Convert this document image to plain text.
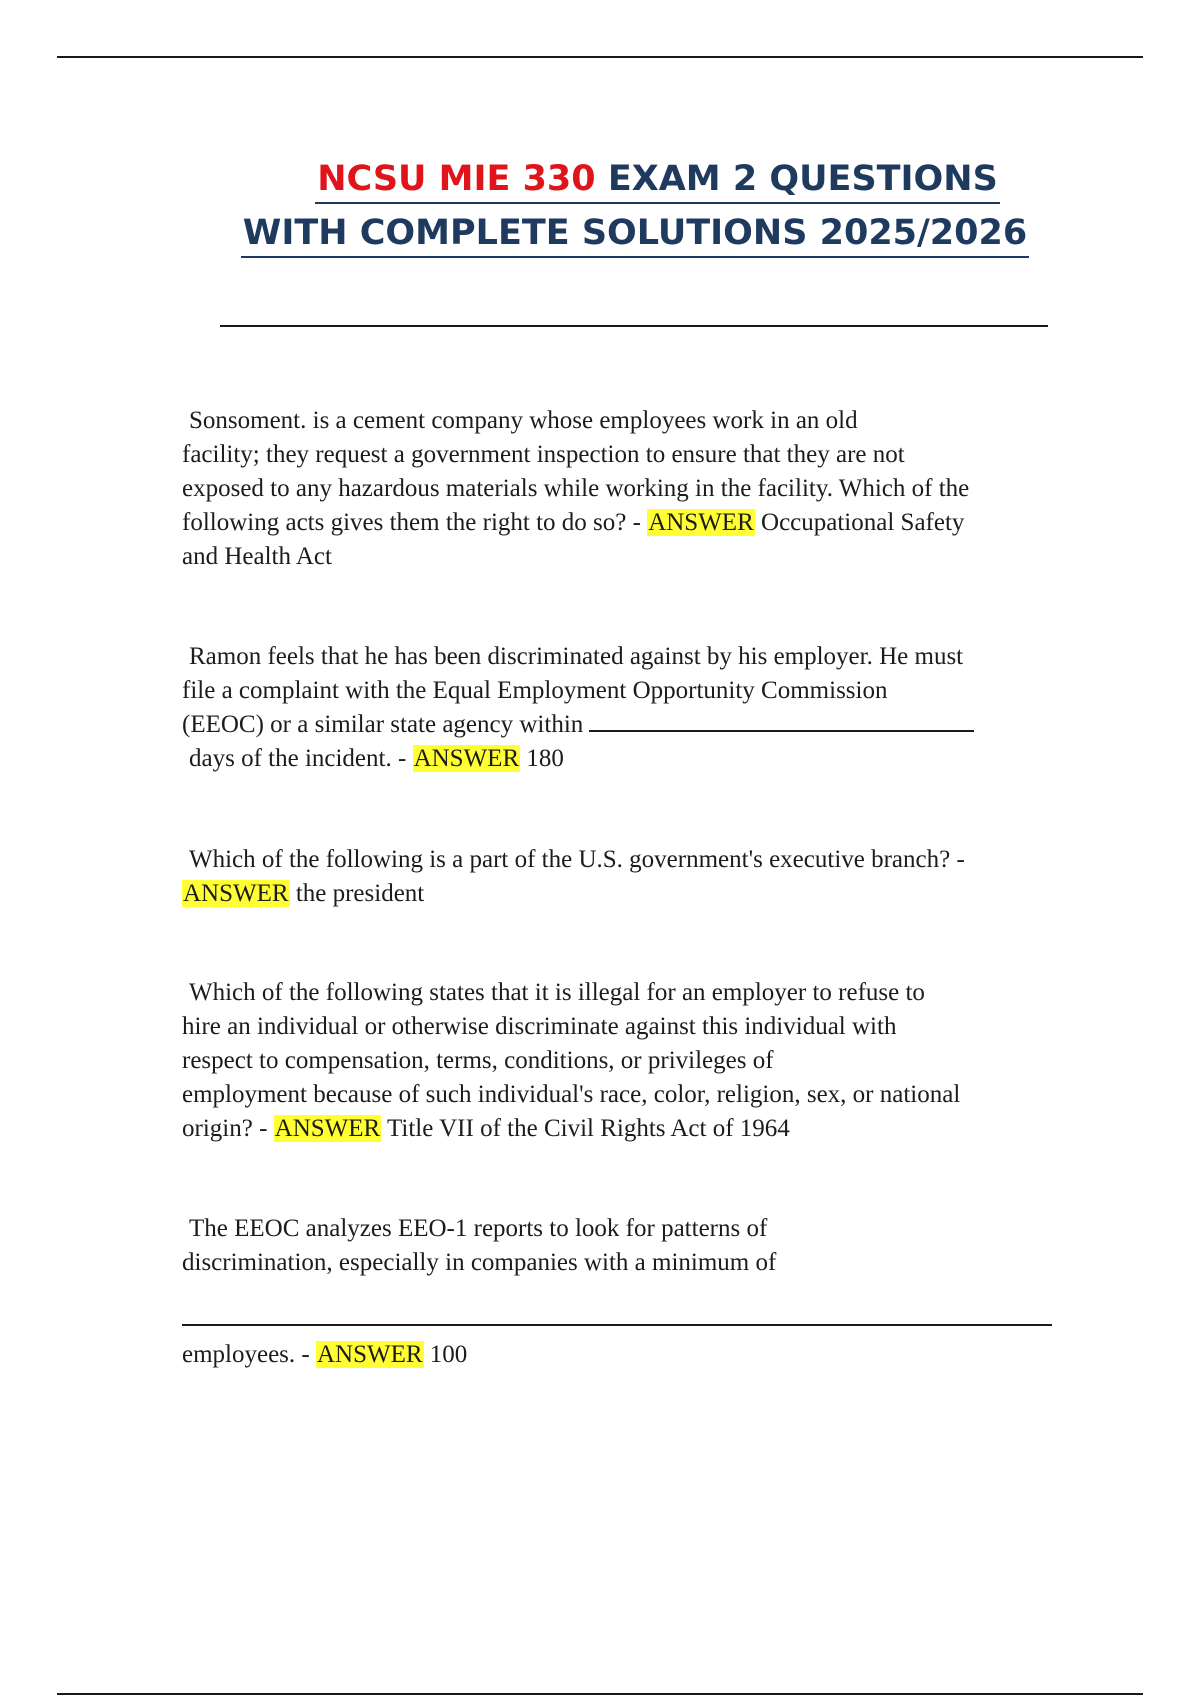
NCSU MIE 330 EXAM 2 QUESTIONS
WITH COMPLETE SOLUTIONS 2025/2026

Sonsoment. is a cement company whose employees work in an old
facility; they request a government inspection to ensure that they are not
exposed to any hazardous materials while working in the facility. Which of the
following acts gives them the right to do so? - ANSWER Occupational Safety
and Health Act

Ramon feels that he has been discriminated against by his employer. He must
file a complaint with the Equal Employment Opportunity Commission
(EEOC) or a similar state agency within
days of the incident. - ANSWER 180

Which of the following is a part of the U.S. government's executive branch? -
ANSWER the president

Which of the following states that it is illegal for an employer to refuse to
hire an individual or otherwise discriminate against this individual with
respect to compensation, terms, conditions, or privileges of
employment because of such individual's race, color, religion, sex, or national
origin? - ANSWER Title VII of the Civil Rights Act of 1964

The EEOC analyzes EEO-1 reports to look for patterns of
discrimination, especially in companies with a minimum of
employees. - ANSWER 100
